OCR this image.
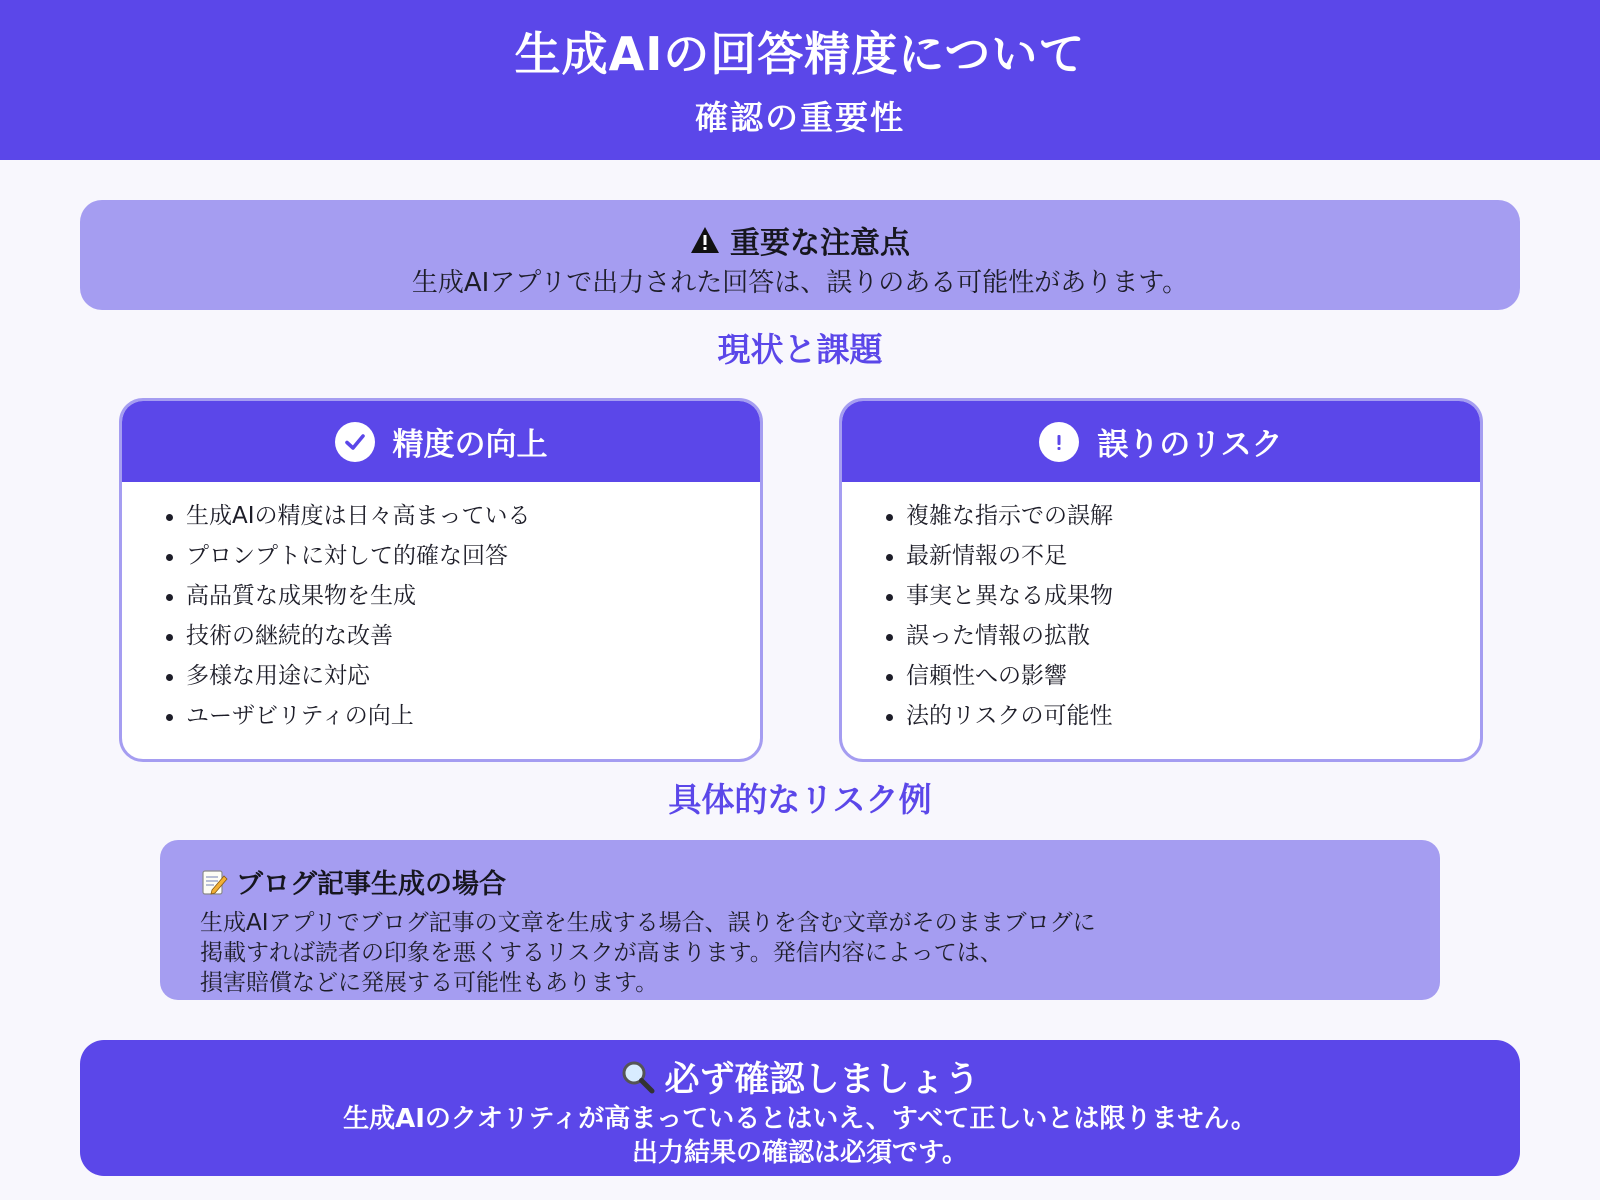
生成AIの回答精度について
確認の重要性
重要な注意点
生成AIアプリで出力された回答は、誤りのある可能性があります。
現状と課題
精度の向上
生成AIの精度は日々高まっている
プロンプトに対して的確な回答
高品質な成果物を生成
技術の継続的な改善
多様な用途に対応
ユーザビリティの向上
誤りのリスク
複雑な指示での誤解
最新情報の不足
事実と異なる成果物
誤った情報の拡散
信頼性への影響
法的リスクの可能性
具体的なリスク例
ブログ記事生成の場合
生成AIアプリでブログ記事の文章を生成する場合、誤りを含む文章がそのままブログに
掲載すれば読者の印象を悪くするリスクが高まります。発信内容によっては、
損害賠償などに発展する可能性もあります。
必ず確認しましょう
生成AIのクオリティが高まっているとはいえ、すべて正しいとは限りません。
出力結果の確認は必須です。
